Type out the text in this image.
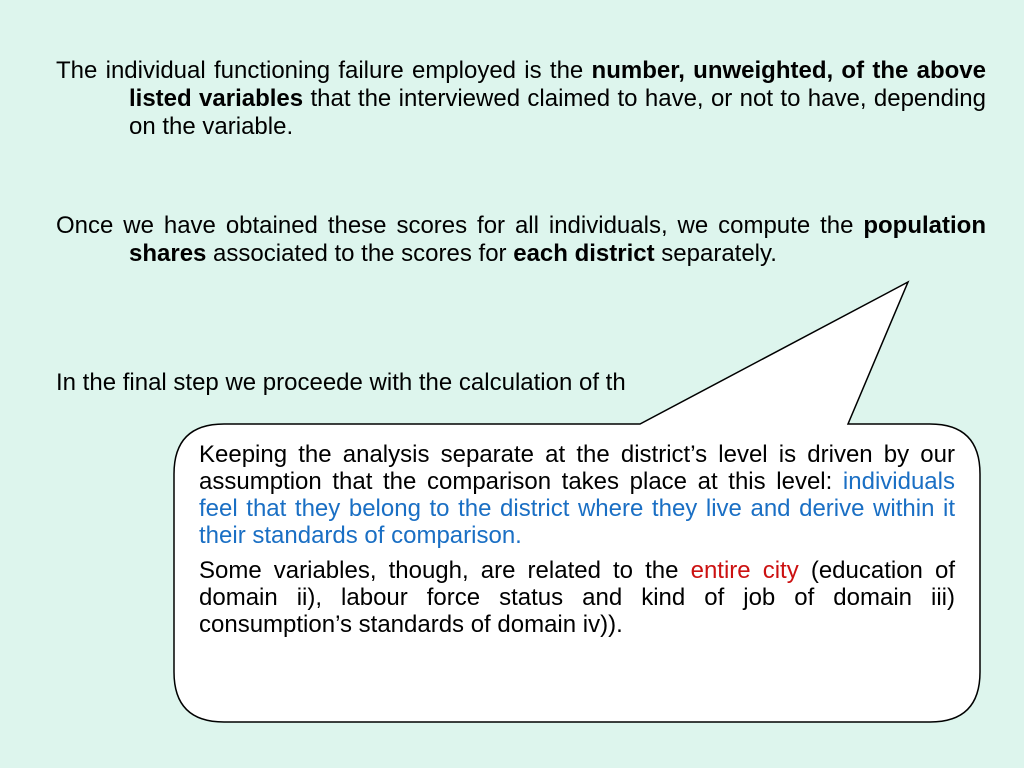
The individual functioning failure employed is the number, unweighted, of the above listed variables that the interviewed claimed to have, or not to have, depending on the variable.

Once we have obtained these scores for all individuals, we compute the population shares associated to the scores for each district separately.

In the final step we proceede with the calculation of th

Keeping the analysis separate at the district’s level is driven by our assumption that the comparison takes place at this level: individuals feel that they belong to the district where they live and derive within it their standards of comparison.

Some variables, though, are related to the entire city (education of domain ii), labour force status and kind of job of domain iii) consumption’s standards of domain iv)).
